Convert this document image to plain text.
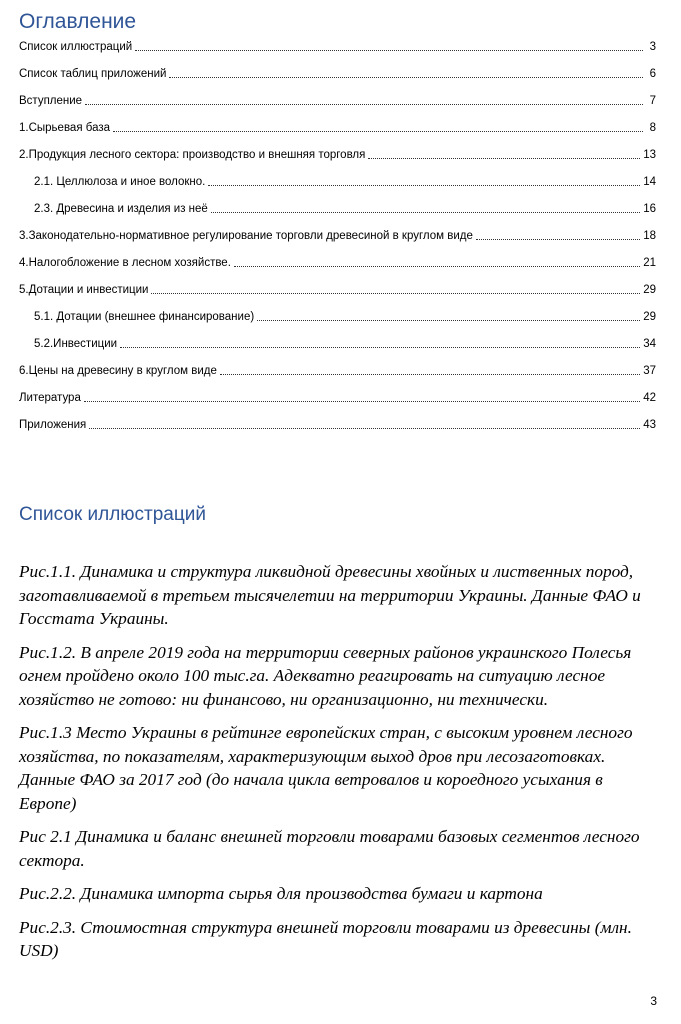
Оглавление
Список иллюстраций	3
Список таблиц приложений	6
Вступление	7
1.Сырьевая база	8
2.Продукция лесного сектора: производство и внешняя торговля	13
2.1. Целлюлоза и иное волокно.	14
2.3. Древесина и изделия из неё	16
3.Законодательно-нормативное регулирование торговли древесиной в круглом виде	18
4.Налогобложение в лесном хозяйстве.	21
5.Дотации и инвестиции	29
5.1. Дотации (внешнее финансирование)	29
5.2.Инвестиции	34
6.Цены на древесину в круглом виде	37
Литература	42
Приложения	43
Список иллюстраций

Рис.1.1. Динамика и структура ликвидной древесины хвойных и лиственных пород, заготавливаемой в третьем тысячелетии на территории Украины. Данные ФАО и Госстата Украины.

Рис.1.2. В апреле 2019 года на территории северных районов украинского Полесья огнем пройдено около 100 тыс.га. Адекватно реагировать на ситуацию лесное хозяйство не готово: ни финансово, ни организационно, ни технически.

Рис.1.3 Место Украины в рейтинге европейских стран, с высоким уровнем лесного хозяйства, по показателям, характеризующим выход дров при лесозаготовках. Данные ФАО за 2017 год (до начала цикла ветровалов и короедного усыхания в Европе)

Рис 2.1 Динамика и баланс внешней торговли товарами базовых сегментов лесного сектора.

Рис.2.2. Динамика импорта сырья для производства бумаги и картона

Рис.2.3. Стоимостная структура внешней торговли товарами из древесины (млн. USD)

3
